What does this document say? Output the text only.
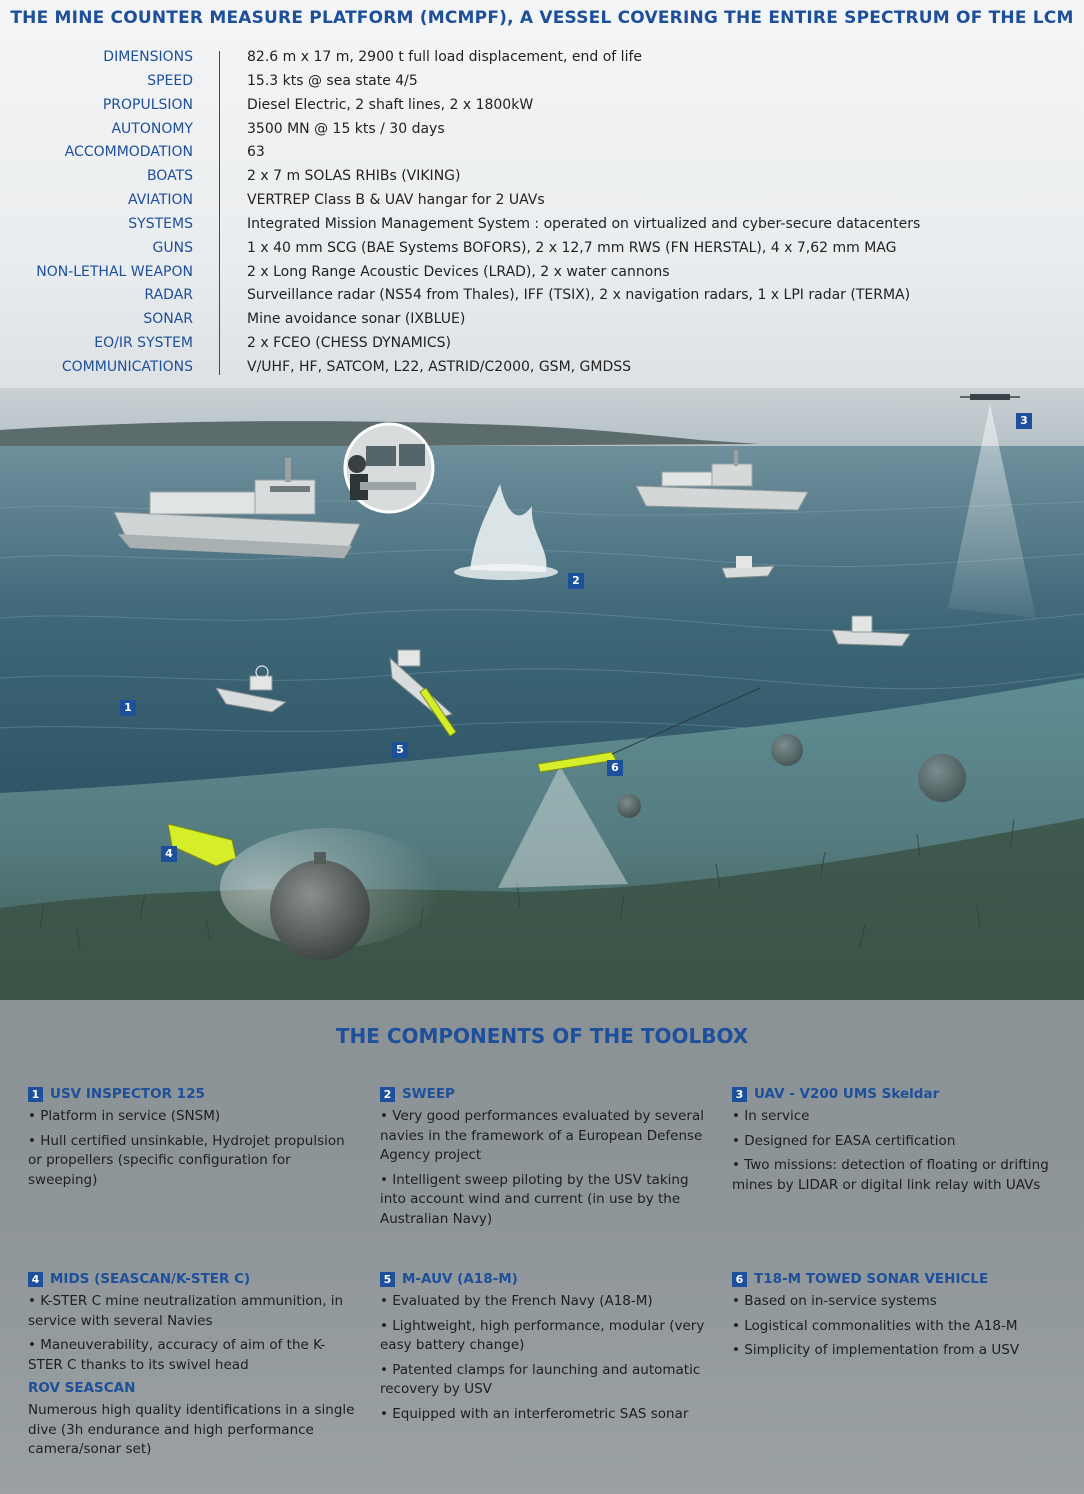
THE MINE COUNTER MEASURE PLATFORM (MCMPF), A VESSEL COVERING THE ENTIRE SPECTRUM OF THE LCM
DIMENSIONS	82.6 m x 17 m, 2900 t full load displacement, end of life
SPEED	15.3 kts @ sea state 4/5
PROPULSION	Diesel Electric, 2 shaft lines, 2 x 1800kW
AUTONOMY	3500 MN @ 15 kts / 30 days
ACCOMMODATION	63
BOATS	2 x 7 m SOLAS RHIBs (VIKING)
AVIATION	VERTREP Class B & UAV hangar for 2 UAVs
SYSTEMS	Integrated Mission Management System : operated on virtualized and cyber-secure datacenters
GUNS	1 x 40 mm SCG (BAE Systems BOFORS), 2 x 12,7 mm RWS (FN HERSTAL), 4 x 7,62 mm MAG
NON-LETHAL WEAPON	2 x Long Range Acoustic Devices (LRAD), 2 x water cannons
RADAR	Surveillance radar (NS54 from Thales), IFF (TSIX), 2 x navigation radars, 1 x LPI radar (TERMA)
SONAR	Mine avoidance sonar (IXBLUE)
EO/IR SYSTEM	2 x FCEO (CHESS DYNAMICS)
COMMUNICATIONS	V/UHF, HF, SATCOM, L22, ASTRID/C2000, GSM, GMDSS
1
2
3
4
5
6
THE COMPONENTS OF THE TOOLBOX
1 USV INSPECTOR 125

• Platform in service (SNSM)

• Hull certified unsinkable, Hydrojet propulsion or propellers (specific configuration for sweeping)

2 SWEEP

• Very good performances evaluated by several navies in the framework of a European Defense Agency project

• Intelligent sweep piloting by the USV taking into account wind and current (in use by the Australian Navy)

3 UAV - V200 UMS Skeldar

• In service

• Designed for EASA certification

• Two missions: detection of floating or drifting mines by LIDAR or digital link relay with UAVs

4 MIDS (SEASCAN/K-STER C)

• K-STER C mine neutralization ammunition, in service with several Navies

• Maneuverability, accuracy of aim of the K-STER C thanks to its swivel head

ROV SEASCAN

Numerous high quality identifications in a single dive (3h endurance and high performance camera/sonar set)

5 M-AUV (A18-M)

• Evaluated by the French Navy (A18-M)

• Lightweight, high performance, modular (very easy battery change)

• Patented clamps for launching and automatic recovery by USV

• Equipped with an interferometric SAS sonar

6 T18-M TOWED SONAR VEHICLE

• Based on in-service systems

• Logistical commonalities with the A18-M

• Simplicity of implementation from a USV
